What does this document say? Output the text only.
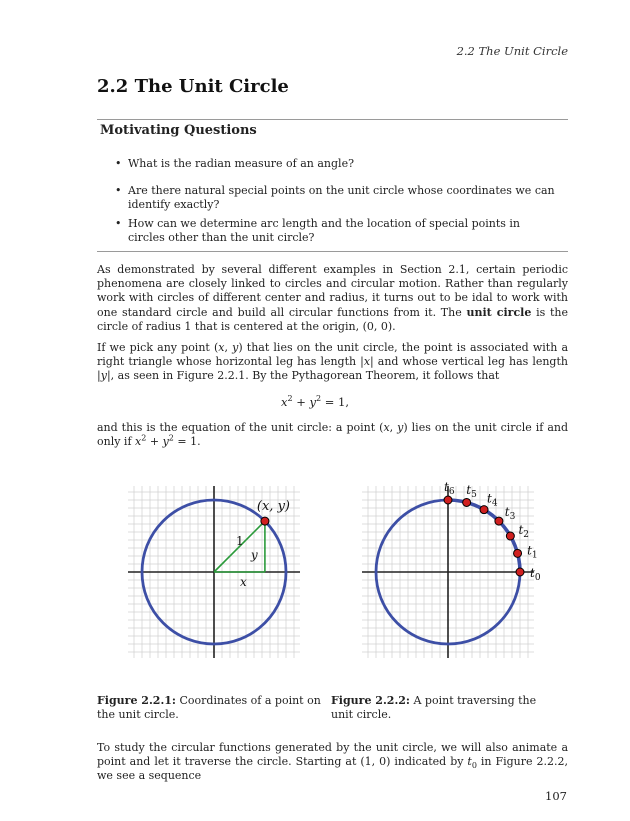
2.2 The Unit Circle
2.2 The Unit Circle
Motivating Questions
• What is the radian measure of an angle?
• Are there natural special points on the unit circle whose coordinates we can identify exactly?
• How can we determine arc length and the location of special points in circles other than the unit circle?

As demonstrated by several different examples in Section 2.1, certain periodic phenomena are closely linked to circles and circular motion. Rather than regularly work with circles of different center and radius, it turns out to be idal to work with one standard circle and build all circular functions from it. The unit circle is the circle of radius 1 that is centered at the origin, (0, 0).

If we pick any point (x, y) that lies on the unit circle, the point is associated with a right triangle whose horizontal leg has length |x| and whose vertical leg has length |y|, as seen in Figure 2.2.1. By the Pythagorean Theorem, it follows that

$x^2 + y^2 = 1$,

and this is the equation of the unit circle: a point (x, y) lies on the unit circle if and only if $x^2 + y^2 = 1$.

(x, y)
1
y
x
$t_0$
$t_1$
$t_2$
$t_3$
$t_4$
$t_5$
$t_6$

Figure 2.2.1: Coordinates of a point on the unit circle.

Figure 2.2.2: A point traversing the unit circle.

To study the circular functions generated by the unit circle, we will also animate a point and let it traverse the circle. Starting at (1, 0) indicated by $t_0$ in Figure 2.2.2, we see a sequence

107
